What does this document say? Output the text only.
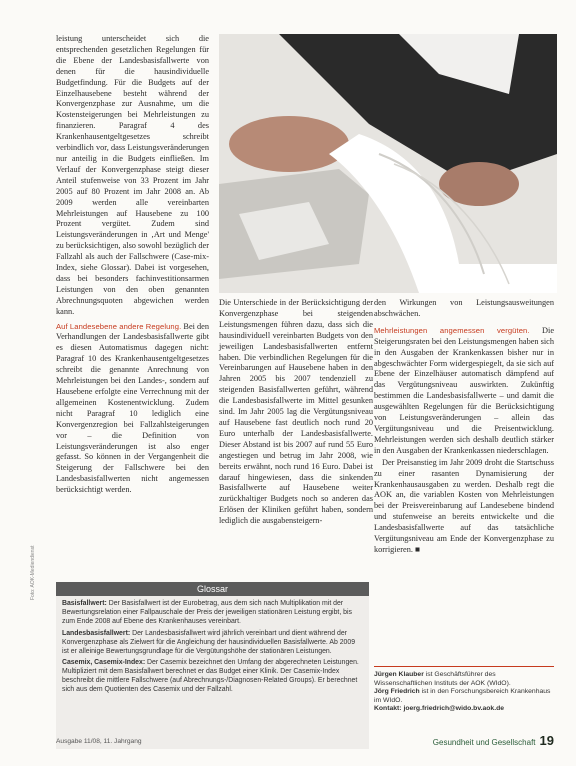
leistung unterscheidet sich die entsprechenden gesetzlichen Regelungen für die Ebene der Landesbasisfallwerte von denen für die hausindividuelle Budgetfindung. Für die Budgets auf der Einzelhausebene besteht während der Konvergenzphase zur Ausnahme, um die Kostensteigerungen bei Mehrleistungen zu finanzieren. Paragraf 4 des Krankenhausentgeltgesetzes schreibt verbindlich vor, dass Leistungsveränderungen nur anteilig in die Budgets einfließen. Im Verlauf der Konvergenzphase steigt dieser Anteil stufenweise von 33 Prozent im Jahr 2005 auf 80 Prozent im Jahr 2008 an. Ab 2009 werden alle vereinbarten Mehrleistungen auf Hausebene zu 100 Prozent vergütet. Zudem sind Leistungsveränderungen in ‚Art und Menge' zu berücksichtigen, also sowohl bezüglich der Fallzahl als auch der Fallschwere (Case-mix-Index, siehe Glossar). Dabei ist vorgesehen, dass bei besonders fachinvestitionsarmen Leistungen von den oben genannten Abrechnungsquoten abgewichen werden kann.

Auf Landesebene andere Regelung. Bei den Verhandlungen der Landesbasisfallwerte gibt es diesen Automatismus dagegen nicht: Paragraf 10 des Krankenhausentgeltgesetzes schreibt die genannte Anrechnung von Mehrleistungen bei den Landes-, sondern auf Hausebene erfolgte eine Verrechnung mit der allgemeinen Kostenentwicklung. Zudem nicht Paragraf 10 lediglich eine Konvergenzregion bei Fallzahlsteigerungen vor – die Definition von Leistungsveränderungen ist also enger gefasst. So können in der Vergangenheit die Steigerung der Fallschwere bei den Landesbasisfallwerten nicht angemessen berücksichtigt werden.

Die Unterschiede in der Berücksichtigung der Konvergenzphase bei steigenden Leistungsmengen führen dazu, dass sich die hausindividuell vereinbarten Budgets von den jeweiligen Landesbasisfallwerten entfernt haben. Die verbindlichen Regelungen für die Vereinbarungen auf Hausebene haben in den Jahren 2005 bis 2007 tendenziell zu steigenden Basisfallwerten geführt, während die Landesbasisfallwerte im Mittel gesunken sind. Im Jahr 2005 lag die Vergütungsniveau auf Hausebene fast deutlich noch rund 20 Euro unterhalb der Landesbasisfallwerte. Dieser Abstand ist bis 2007 auf rund 55 Euro angestiegen und betrug im Jahr 2008, wie bereits erwähnt, noch rund 16 Euro. Dabei ist darauf hingewiesen, dass die sinkenden Basisfallwerte auf Hausebene weiter zurückhaltiger Budgets noch so anderen das Erlösen der Kliniken geführt haben, sondern lediglich die ausgabensteigern-

den Wirkungen von Leistungsausweitungen abschwächen.

Mehrleistungen angemessen vergüten. Die Steigerungsraten bei den Leistungsmengen haben sich in den Ausgaben der Krankenkassen bisher nur in abgeschwächter Form widergespiegelt, da sie sich auf Ebene der Einzelhäuser automatisch dämpfend auf das Vergütungsniveau auswirkten. Zukünftig bestimmen die Landesbasisfallwerte – und damit die ausgewählten Regelungen für die Berücksichtigung von Leistungsveränderungen – allein das Vergütungsniveau und die Preisentwicklung. Mehrleistungen werden sich deshalb deutlich stärker in den Ausgaben der Krankenkassen niederschlagen.

Der Preisanstieg im Jahr 2009 droht die Startschuss zu einer rasanten Dynamisierung der Krankenhausausgaben zu werden. Deshalb regt die AOK an, die variablen Kosten von Mehrleistungen bei der Preisvereinbarung auf Landesebene bindend und stufenweise an bereits entwickelte und die Landesbasisfallwerte auf das tatsächliche Vergütungsniveau am Ende der Konvergenzphase zu korrigieren. ■

Glossar

Basisfallwert: Der Basisfallwert ist der Eurobetrag, aus dem sich nach Multiplikation mit der Bewertungsrelation einer Fallpauschale der Preis der jeweiligen stationären Leistung ergibt, bis zum Ende 2008 auf Ebene des Krankenhauses vereinbart.

Landesbasisfallwert: Der Landesbasisfallwert wird jährlich vereinbart und dient während der Konvergenzphase als Zielwert für die Angleichung der hausindividuellen Basisfallwerte. Ab 2009 ist er alleinige Bewertungsgrundlage für die Vergütungshöhe der stationären Leistungen.

Casemix, Casemix-Index: Der Casemix bezeichnet den Umfang der abgerechneten Leistungen. Multipliziert mit dem Basisfallwert berechnet er das Budget einer Klinik. Der Casemix-Index beschreibt die mittlere Fallschwere (auf Abrechnungs-/Diagnosen-Related Groups). Er berechnet sich aus dem Quotienten des Casemix und der Fallzahl.

Jürgen Klauber ist Geschäftsführer des Wissenschaftlichen Instituts der AOK (WIdO).
Jörg Friedrich ist in den Forschungsbereich Krankenhaus im WIdO.
Kontakt: joerg.friedrich@wido.bv.aok.de
Foto: AOK-Mediendienst
Ausgabe 11/08, 11. Jahrgang	Gesundheit und Gesellschaft 19
